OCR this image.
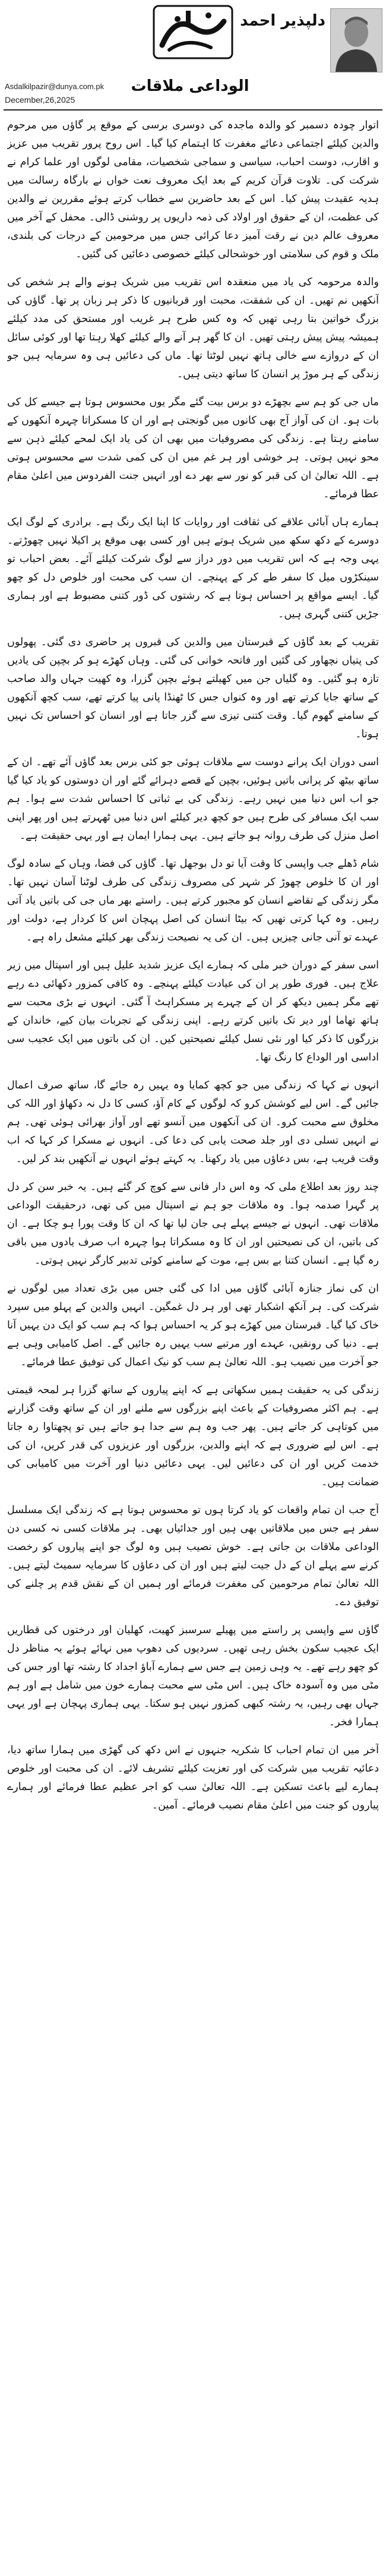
دلپذیر احمد
Asdalkilpazir@dunya.com.pk	الوداعی ملاقات
December,26,2025

اتوار چودہ دسمبر کو والدہ ماجدہ کی دوسری برسی کے موقع پر گاؤں میں مرحوم والدین کیلئے اجتماعی دعائے مغفرت کا اہتمام کیا گیا۔ اس روح پرور تقریب میں عزیز و اقارب، دوست احباب، سیاسی و سماجی شخصیات، مقامی لوگوں اور علما کرام نے شرکت کی۔ تلاوت قرآن کریم کے بعد ایک معروف نعت خواں نے بارگاہ رسالت میں ہدیہ عقیدت پیش کیا۔ اس کے بعد حاضرین سے خطاب کرتے ہوئے مقررین نے والدین کی عظمت، ان کے حقوق اور اولاد کی ذمہ داریوں پر روشنی ڈالی۔ محفل کے آخر میں معروف عالم دین نے رقت آمیز دعا کرائی جس میں مرحومین کے درجات کی بلندی، ملک و قوم کی سلامتی اور خوشحالی کیلئے خصوصی دعائیں کی گئیں۔

والدہ مرحومہ کی یاد میں منعقدہ اس تقریب میں شریک ہونے والے ہر شخص کی آنکھیں نم تھیں۔ ان کی شفقت، محبت اور قربانیوں کا ذکر ہر زبان پر تھا۔ گاؤں کی بزرگ خواتین بتا رہی تھیں کہ وہ کس طرح ہر غریب اور مستحق کی مدد کیلئے ہمیشہ پیش پیش رہتی تھیں۔ ان کا گھر ہر آنے والے کیلئے کھلا رہتا تھا اور کوئی سائل ان کے دروازے سے خالی ہاتھ نہیں لوٹتا تھا۔ ماں کی دعائیں ہی وہ سرمایہ ہیں جو زندگی کے ہر موڑ پر انسان کا ساتھ دیتی ہیں۔

ماں جی کو ہم سے بچھڑے دو برس بیت گئے مگر یوں محسوس ہوتا ہے جیسے کل کی بات ہو۔ ان کی آواز آج بھی کانوں میں گونجتی ہے اور ان کا مسکراتا چہرہ آنکھوں کے سامنے رہتا ہے۔ زندگی کی مصروفیات میں بھی ان کی یاد ایک لمحے کیلئے ذہن سے محو نہیں ہوتی۔ ہر خوشی اور ہر غم میں ان کی کمی شدت سے محسوس ہوتی ہے۔ اللہ تعالیٰ ان کی قبر کو نور سے بھر دے اور انہیں جنت الفردوس میں اعلیٰ مقام عطا فرمائے۔

ہمارے ہاں آبائی علاقے کی ثقافت اور روایات کا اپنا ایک رنگ ہے۔ برادری کے لوگ ایک دوسرے کے دکھ سکھ میں شریک ہوتے ہیں اور کسی بھی موقع پر اکیلا نہیں چھوڑتے۔ یہی وجہ ہے کہ اس تقریب میں دور دراز سے لوگ شرکت کیلئے آئے۔ بعض احباب تو سینکڑوں میل کا سفر طے کر کے پہنچے۔ ان سب کی محبت اور خلوص دل کو چھو گیا۔ ایسے مواقع پر احساس ہوتا ہے کہ رشتوں کی ڈور کتنی مضبوط ہے اور ہماری جڑیں کتنی گہری ہیں۔

تقریب کے بعد گاؤں کے قبرستان میں والدین کی قبروں پر حاضری دی گئی۔ پھولوں کی پتیاں نچھاور کی گئیں اور فاتحہ خوانی کی گئی۔ وہاں کھڑے ہو کر بچپن کی یادیں تازہ ہو گئیں۔ وہ گلیاں جن میں کھیلتے ہوئے بچپن گزرا، وہ کھیت جہاں والد صاحب کے ساتھ جایا کرتے تھے اور وہ کنواں جس کا ٹھنڈا پانی پیا کرتے تھے، سب کچھ آنکھوں کے سامنے گھوم گیا۔ وقت کتنی تیزی سے گزر جاتا ہے اور انسان کو احساس تک نہیں ہوتا۔

اسی دوران ایک پرانے دوست سے ملاقات ہوئی جو کئی برس بعد گاؤں آئے تھے۔ ان کے ساتھ بیٹھ کر پرانی باتیں ہوئیں، بچپن کے قصے دہرائے گئے اور ان دوستوں کو یاد کیا گیا جو اب اس دنیا میں نہیں رہے۔ زندگی کی بے ثباتی کا احساس شدت سے ہوا۔ ہم سب ایک مسافر کی طرح ہیں جو کچھ دیر کیلئے اس دنیا میں ٹھہرتے ہیں اور پھر اپنی اصل منزل کی طرف روانہ ہو جاتے ہیں۔ یہی ہمارا ایمان ہے اور یہی حقیقت ہے۔

شام ڈھلے جب واپسی کا وقت آیا تو دل بوجھل تھا۔ گاؤں کی فضا، وہاں کے سادہ لوگ اور ان کا خلوص چھوڑ کر شہر کی مصروف زندگی کی طرف لوٹنا آسان نہیں تھا۔ مگر زندگی کے تقاضے انسان کو مجبور کرتے ہیں۔ راستے بھر ماں جی کی باتیں یاد آتی رہیں۔ وہ کہا کرتی تھیں کہ بیٹا انسان کی اصل پہچان اس کا کردار ہے، دولت اور عہدے تو آنی جانی چیزیں ہیں۔ ان کی یہ نصیحت زندگی بھر کیلئے مشعل راہ ہے۔

اسی سفر کے دوران خبر ملی کہ ہمارے ایک عزیز شدید علیل ہیں اور اسپتال میں زیر علاج ہیں۔ فوری طور پر ان کی عیادت کیلئے پہنچے۔ وہ کافی کمزور دکھائی دے رہے تھے مگر ہمیں دیکھ کر ان کے چہرے پر مسکراہٹ آ گئی۔ انہوں نے بڑی محبت سے ہاتھ تھاما اور دیر تک باتیں کرتے رہے۔ اپنی زندگی کے تجربات بیان کیے، خاندان کے بزرگوں کا ذکر کیا اور نئی نسل کیلئے نصیحتیں کیں۔ ان کی باتوں میں ایک عجیب سی اداسی اور الوداع کا رنگ تھا۔

انہوں نے کہا کہ زندگی میں جو کچھ کمایا وہ یہیں رہ جائے گا، ساتھ صرف اعمال جائیں گے۔ اس لیے کوشش کرو کہ لوگوں کے کام آؤ، کسی کا دل نہ دکھاؤ اور اللہ کی مخلوق سے محبت کرو۔ ان کی آنکھوں میں آنسو تھے اور آواز بھرائی ہوئی تھی۔ ہم نے انہیں تسلی دی اور جلد صحت یابی کی دعا کی۔ انہوں نے مسکرا کر کہا کہ اب وقت قریب ہے، بس دعاؤں میں یاد رکھنا۔ یہ کہتے ہوئے انہوں نے آنکھیں بند کر لیں۔

چند روز بعد اطلاع ملی کہ وہ اس دار فانی سے کوچ کر گئے ہیں۔ یہ خبر سن کر دل پر گہرا صدمہ ہوا۔ وہ ملاقات جو ہم نے اسپتال میں کی تھی، درحقیقت الوداعی ملاقات تھی۔ انہوں نے جیسے پہلے ہی جان لیا تھا کہ ان کا وقت پورا ہو چکا ہے۔ ان کی باتیں، ان کی نصیحتیں اور ان کا وہ مسکراتا ہوا چہرہ اب صرف یادوں میں باقی رہ گیا ہے۔ انسان کتنا بے بس ہے، موت کے سامنے کوئی تدبیر کارگر نہیں ہوتی۔

ان کی نماز جنازہ آبائی گاؤں میں ادا کی گئی جس میں بڑی تعداد میں لوگوں نے شرکت کی۔ ہر آنکھ اشکبار تھی اور ہر دل غمگین۔ انہیں والدین کے پہلو میں سپرد خاک کیا گیا۔ قبرستان میں کھڑے ہو کر یہ احساس ہوا کہ ہم سب کو ایک دن یہیں آنا ہے۔ دنیا کی رونقیں، عہدے اور مرتبے سب یہیں رہ جائیں گے۔ اصل کامیابی وہی ہے جو آخرت میں نصیب ہو۔ اللہ تعالیٰ ہم سب کو نیک اعمال کی توفیق عطا فرمائے۔

زندگی کی یہ حقیقت ہمیں سکھاتی ہے کہ اپنے پیاروں کے ساتھ گزرا ہر لمحہ قیمتی ہے۔ ہم اکثر مصروفیات کے باعث اپنے بزرگوں سے ملنے اور ان کے ساتھ وقت گزارنے میں کوتاہی کر جاتے ہیں۔ پھر جب وہ ہم سے جدا ہو جاتے ہیں تو پچھتاوا رہ جاتا ہے۔ اس لیے ضروری ہے کہ اپنے والدین، بزرگوں اور عزیزوں کی قدر کریں، ان کی خدمت کریں اور ان کی دعائیں لیں۔ یہی دعائیں دنیا اور آخرت میں کامیابی کی ضمانت ہیں۔

آج جب ان تمام واقعات کو یاد کرتا ہوں تو محسوس ہوتا ہے کہ زندگی ایک مسلسل سفر ہے جس میں ملاقاتیں بھی ہیں اور جدائیاں بھی۔ ہر ملاقات کسی نہ کسی دن الوداعی ملاقات بن جاتی ہے۔ خوش نصیب ہیں وہ لوگ جو اپنے پیاروں کو رخصت کرنے سے پہلے ان کے دل جیت لیتے ہیں اور ان کی دعاؤں کا سرمایہ سمیٹ لیتے ہیں۔ اللہ تعالیٰ تمام مرحومین کی مغفرت فرمائے اور ہمیں ان کے نقش قدم پر چلنے کی توفیق دے۔

گاؤں سے واپسی پر راستے میں پھیلے سرسبز کھیت، کھلیان اور درختوں کی قطاریں ایک عجیب سکون بخش رہی تھیں۔ سردیوں کی دھوپ میں نہائے ہوئے یہ مناظر دل کو چھو رہے تھے۔ یہ وہی زمین ہے جس سے ہمارے آباؤ اجداد کا رشتہ تھا اور جس کی مٹی میں وہ آسودہ خاک ہیں۔ اس مٹی سے محبت ہمارے خون میں شامل ہے اور ہم جہاں بھی رہیں، یہ رشتہ کبھی کمزور نہیں ہو سکتا۔ یہی ہماری پہچان ہے اور یہی ہمارا فخر۔

آخر میں ان تمام احباب کا شکریہ جنہوں نے اس دکھ کی گھڑی میں ہمارا ساتھ دیا، دعائیہ تقریب میں شرکت کی اور تعزیت کیلئے تشریف لائے۔ ان کی محبت اور خلوص ہمارے لیے باعث تسکین ہے۔ اللہ تعالیٰ سب کو اجر عظیم عطا فرمائے اور ہمارے پیاروں کو جنت میں اعلیٰ مقام نصیب فرمائے۔ آمین۔
